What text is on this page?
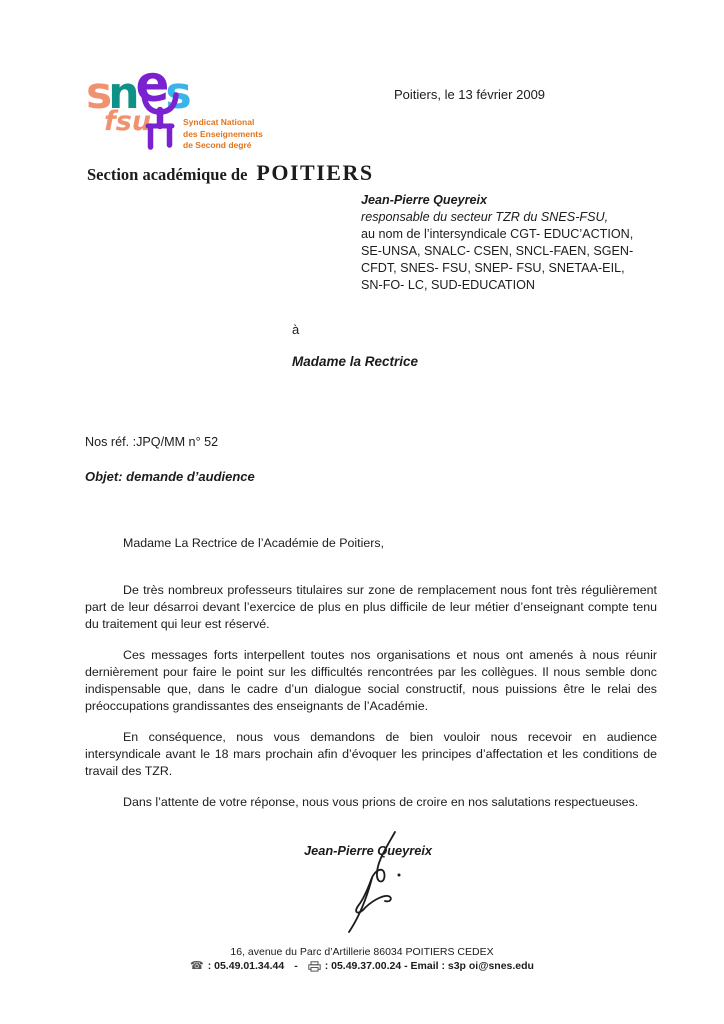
snes
fsu	Syndicat National
des Enseignements
de Second degré
Poitiers, le 13 février 2009
Section académique de POITIERS
Jean-Pierre Queyreix
responsable du secteur TZR du SNES-FSU,
au nom de l’intersyndicale CGT- EDUC’ACTION,
SE-UNSA, SNALC- CSEN, SNCL-FAEN, SGEN-
CFDT, SNES- FSU, SNEP- FSU, SNETAA-EIL,
SN-FO- LC, SUD-EDUCATION
à
Madame la Rectrice
Nos réf. :JPQ/MM n° 52
Objet: demande d’audience
Madame La Rectrice de l’Académie de Poitiers,

De très nombreux professeurs titulaires sur zone de remplacement nous font très régulièrement part de leur désarroi devant l’exercice de plus en plus difficile de leur métier d’enseignant compte tenu du traitement qui leur est réservé.

Ces messages forts interpellent toutes nos organisations et nous ont amenés à nous réunir dernièrement pour faire le point sur les difficultés rencontrées par les collègues. Il nous semble donc indispensable que, dans le cadre d’un dialogue social constructif, nous puissions être le relai des préoccupations grandissantes des enseignants de l’Académie.

En conséquence, nous vous demandons de bien vouloir nous recevoir en audience intersyndicale avant le 18 mars prochain afin d’évoquer les principes d’affectation et les conditions de travail des TZR.

Dans l’attente de votre réponse, nous vous prions de croire en nos salutations respectueuses.

Jean-Pierre Queyreix
16, avenue du Parc d’Artillerie 86034 POITIERS CEDEX
☎ : 05.49.01.34.44 -	: 05.49.37.00.24 - Email : s3p oi@snes.edu
